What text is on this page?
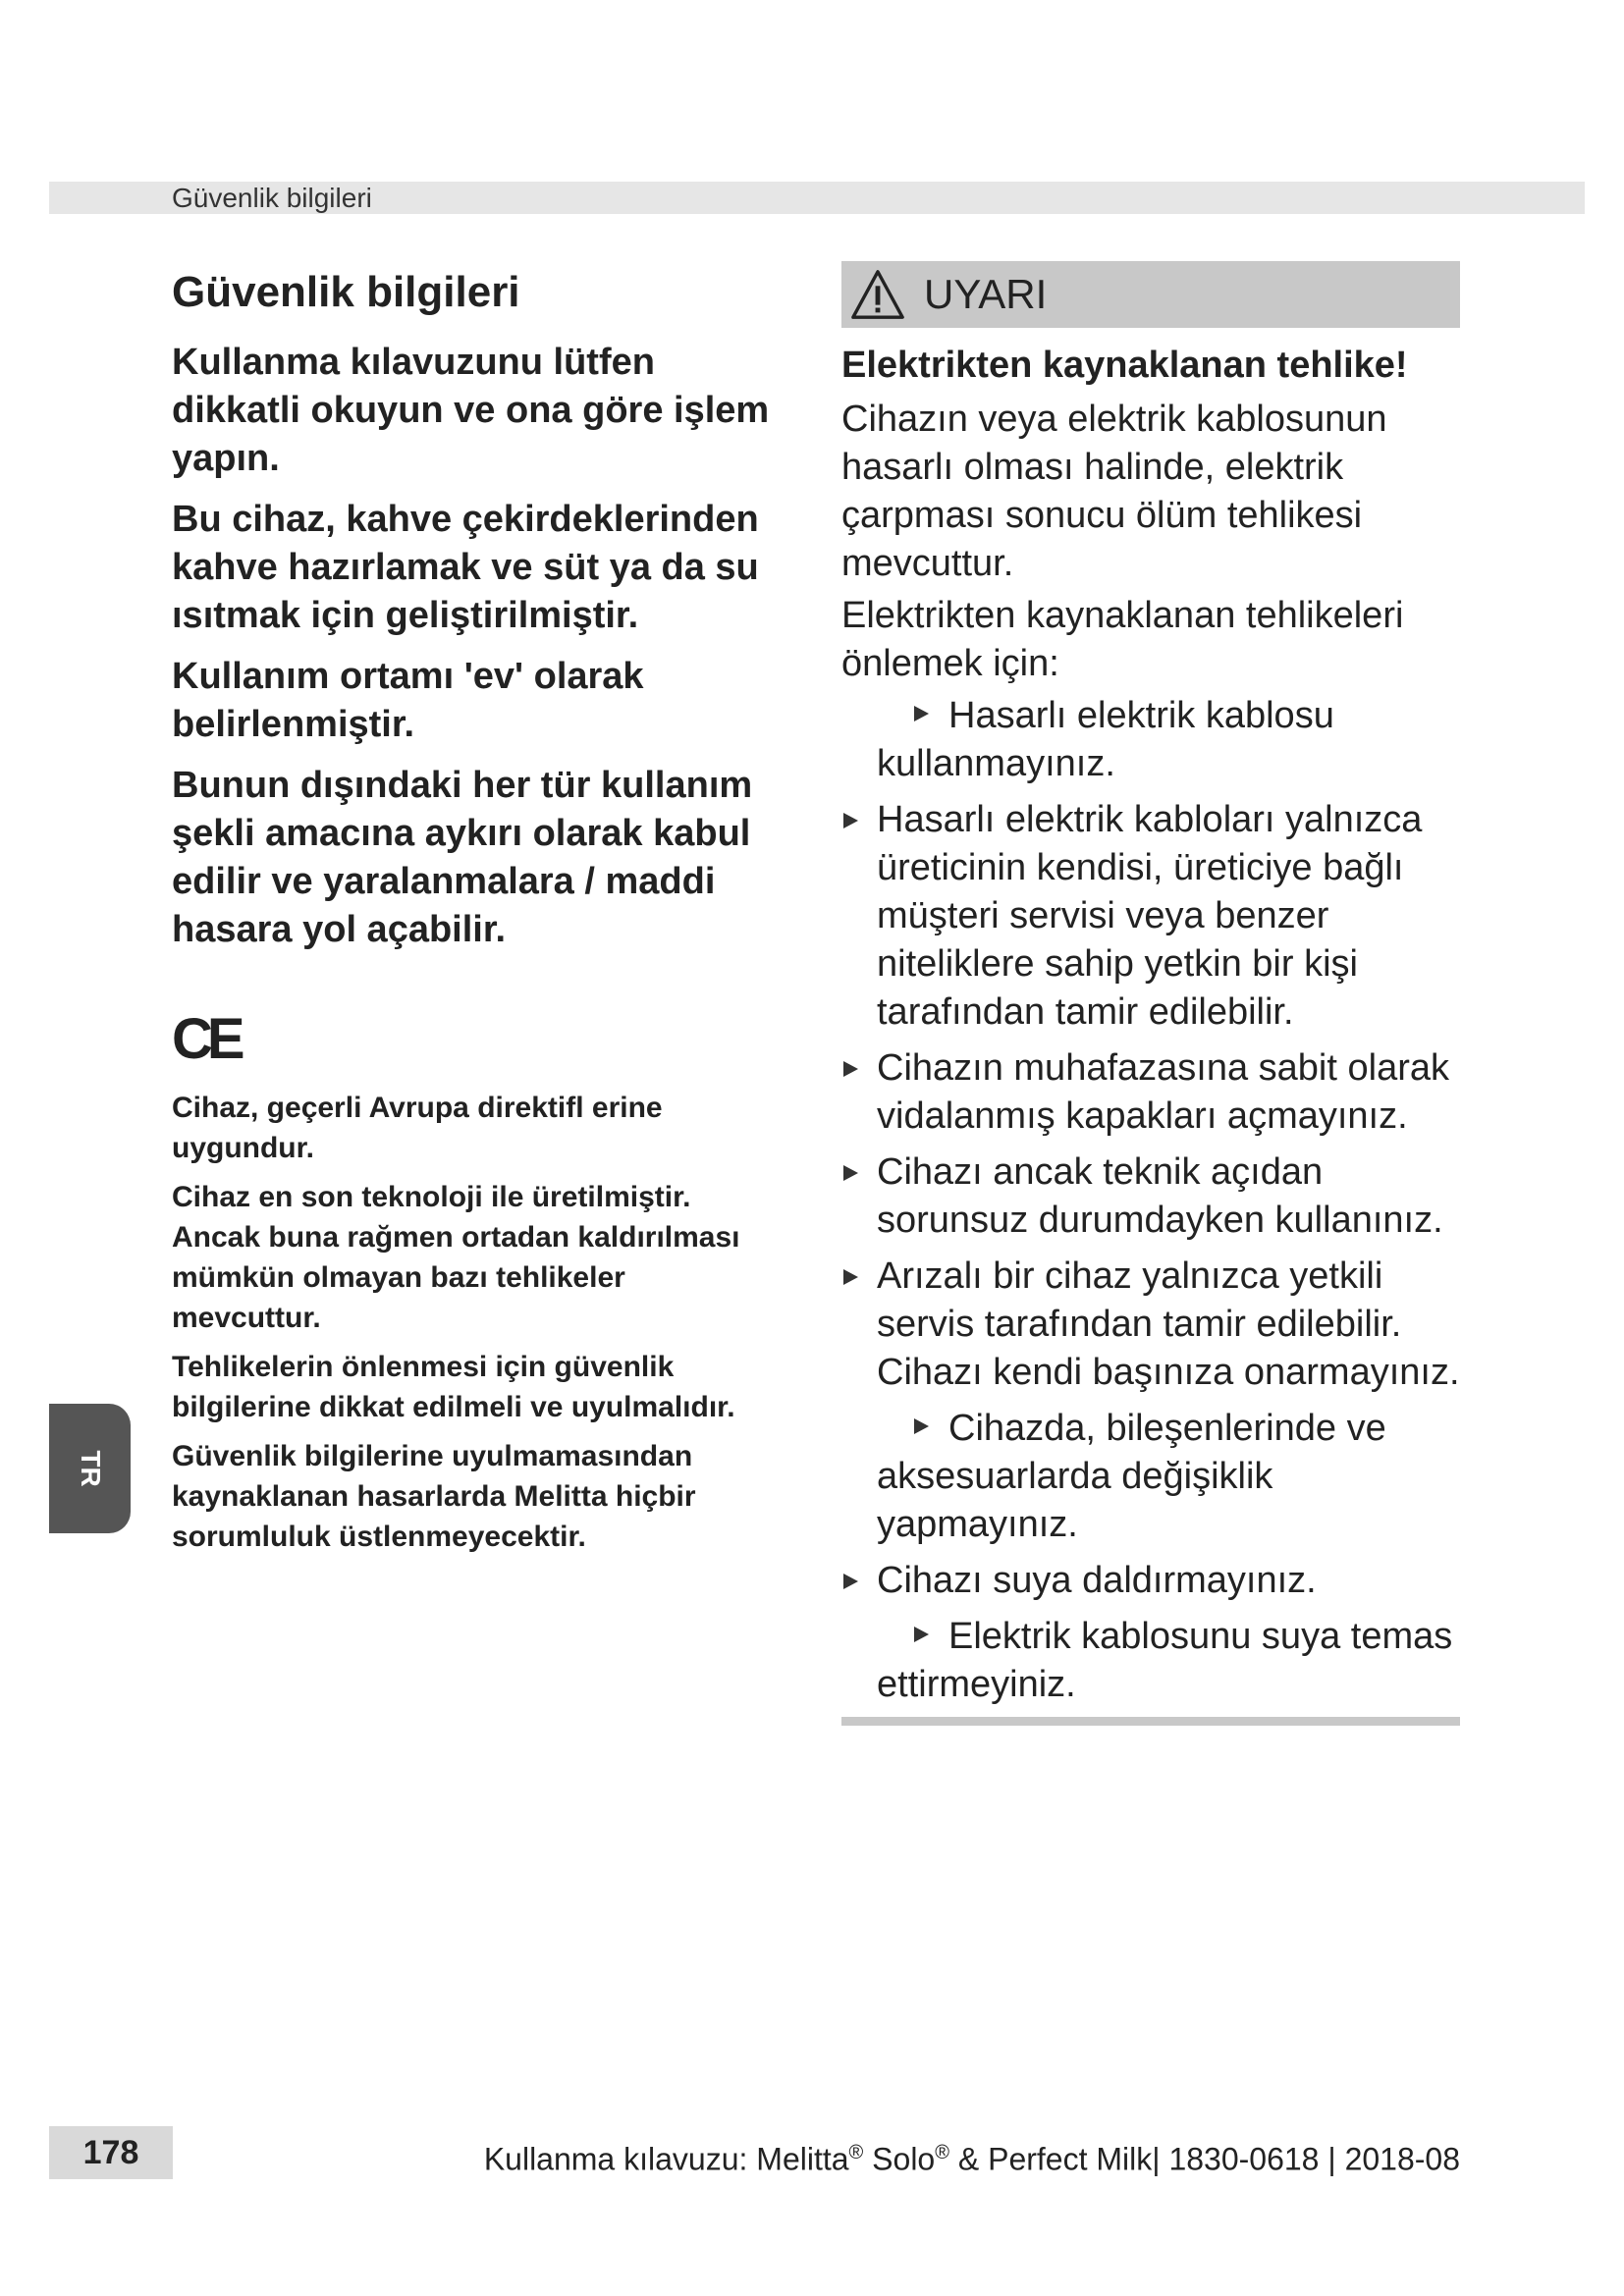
Güvenlik bilgileri
Güvenlik bilgileri

Kullanma kılavuzunu lütfen dikkatli okuyun ve ona göre işlem yapın.

Bu cihaz, kahve çekirdeklerinden kahve hazırlamak ve süt ya da su ısıtmak için geliştirilmiştir.

Kullanım ortamı 'ev' olarak belirlenmiştir.

Bunun dışındaki her tür kullanım şekli amacına aykırı olarak kabul edilir ve yaralanmalara / maddi hasara yol açabilir.

CE

Cihaz, geçerli Avrupa direktifl erine uygundur.

Cihaz en son teknoloji ile üretilmiştir. Ancak buna rağmen ortadan kaldırılması mümkün olmayan bazı tehlikeler mevcuttur.

Tehlikelerin önlenmesi için güvenlik bilgilerine dikkat edilmeli ve uyulmalıdır.

Güvenlik bilgilerine uyulmamasından kaynaklanan hasarlarda Melitta hiçbir sorumluluk üstlenmeyecektir.

UYARI
Elektrikten kaynaklanan tehlike!

Cihazın veya elektrik kablosunun hasarlı olması halinde, elektrik çarpması sonucu ölüm tehlikesi mevcuttur.

Elektrikten kaynaklanan tehlikeleri önlemek için:

Hasarlı elektrik kablosu kullanmayınız.
Hasarlı elektrik kabloları yalnızca üreticinin kendisi, üreticiye bağlı müşteri servisi veya benzer niteliklere sahip yetkin bir kişi tarafından tamir edilebilir.
Cihazın muhafazasına sabit olarak vidalanmış kapakları açmayınız.
Cihazı ancak teknik açıdan sorunsuz durumdayken kullanınız.
Arızalı bir cihaz yalnızca yetkili servis tarafından tamir edilebilir. Cihazı kendi başınıza onarmayınız.
Cihazda, bileşenlerinde ve aksesuarlarda değişiklik yapmayınız.
Cihazı suya daldırmayınız.
Elektrik kablosunu suya temas ettirmeyiniz.
TR
178	Kullanma kılavuzu: Melitta® Solo® & Perfect Milk| 1830-0618 | 2018-08
